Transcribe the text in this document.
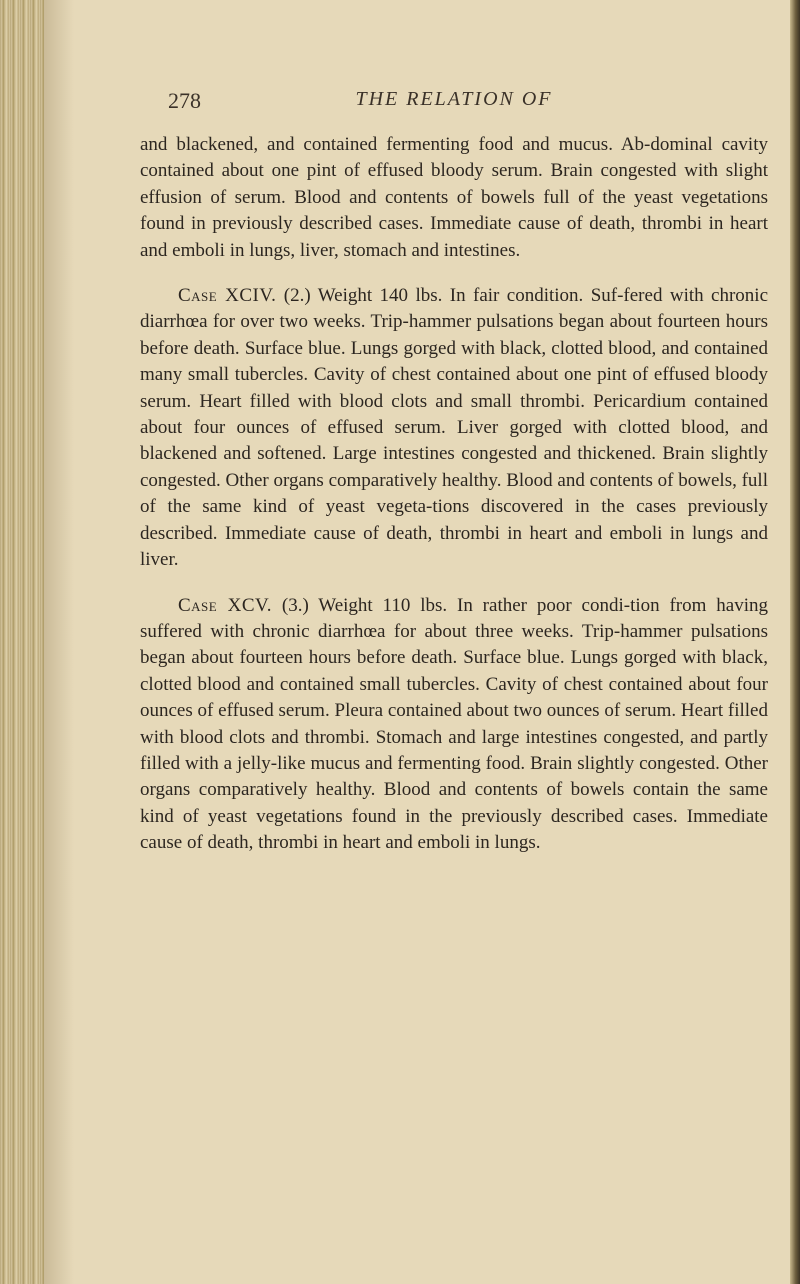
278	THE RELATION OF

and blackened, and contained fermenting food and mucus. Ab-dominal cavity contained about one pint of effused bloody serum. Brain congested with slight effusion of serum. Blood and contents of bowels full of the yeast vegetations found in previously described cases. Immediate cause of death, thrombi in heart and emboli in lungs, liver, stomach and intestines.

Case XCIV. (2.) Weight 140 lbs. In fair condition. Suf-fered with chronic diarrhœa for over two weeks. Trip-hammer pulsations began about fourteen hours before death. Surface blue. Lungs gorged with black, clotted blood, and contained many small tubercles. Cavity of chest contained about one pint of effused bloody serum. Heart filled with blood clots and small thrombi. Pericardium contained about four ounces of effused serum. Liver gorged with clotted blood, and blackened and softened. Large intestines congested and thickened. Brain slightly congested. Other organs comparatively healthy. Blood and contents of bowels, full of the same kind of yeast vegeta-tions discovered in the cases previously described. Immediate cause of death, thrombi in heart and emboli in lungs and liver.

Case XCV. (3.) Weight 110 lbs. In rather poor condi-tion from having suffered with chronic diarrhœa for about three weeks. Trip-hammer pulsations began about fourteen hours before death. Surface blue. Lungs gorged with black, clotted blood and contained small tubercles. Cavity of chest contained about four ounces of effused serum. Pleura contained about two ounces of serum. Heart filled with blood clots and thrombi. Stomach and large intestines congested, and partly filled with a jelly-like mucus and fermenting food. Brain slightly congested. Other organs comparatively healthy. Blood and contents of bowels contain the same kind of yeast vegetations found in the previously described cases. Immediate cause of death, thrombi in heart and emboli in lungs.
